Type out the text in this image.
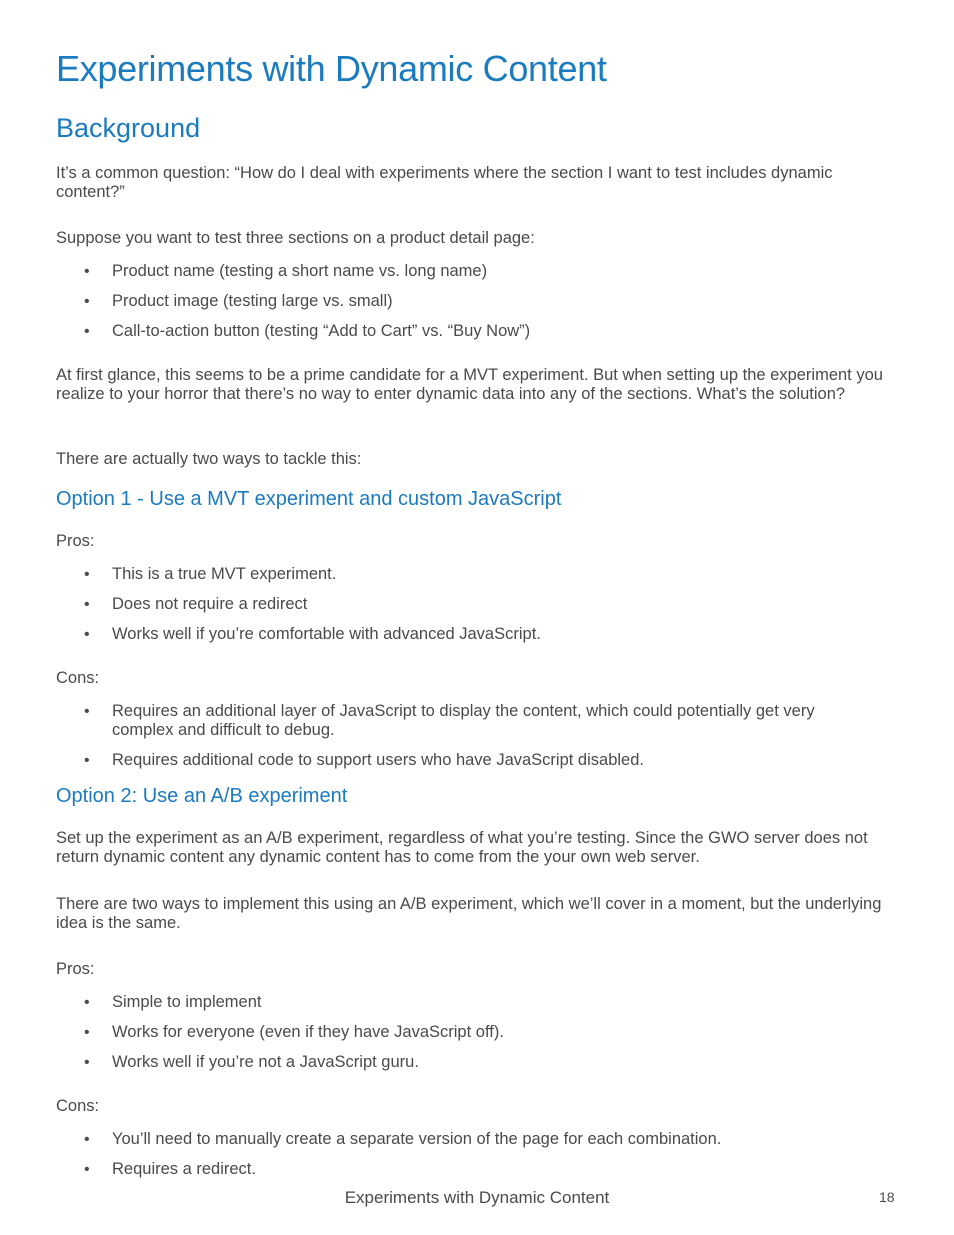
Experiments with Dynamic Content
Background

It’s a common question: “How do I deal with experiments where the section I want to test includes dynamic content?”

Suppose you want to test three sections on a product detail page:

• Product name (testing a short name vs. long name)
• Product image (testing large vs. small)
• Call-to-action button (testing “Add to Cart” vs. “Buy Now”)

At first glance, this seems to be a prime candidate for a MVT experiment. But when setting up the experiment you realize to your horror that there’s no way to enter dynamic data into any of the sections. What’s the solution?

There are actually two ways to tackle this:

Option 1 - Use a MVT experiment and custom JavaScript

Pros:

• This is a true MVT experiment.
• Does not require a redirect
• Works well if you’re comfortable with advanced JavaScript.

Cons:

• Requires an additional layer of JavaScript to display the content, which could potentially get very complex and difficult to debug.
• Requires additional code to support users who have JavaScript disabled.
Option 2: Use an A/B experiment

Set up the experiment as an A/B experiment, regardless of what you’re testing. Since the GWO server does not return dynamic content any dynamic content has to come from the your own web server.

There are two ways to implement this using an A/B experiment, which we’ll cover in a moment, but the underlying idea is the same.

Pros:

• Simple to implement
• Works for everyone (even if they have JavaScript off).
• Works well if you’re not a JavaScript guru.

Cons:

• You’ll need to manually create a separate version of the page for each combination.
• Requires a redirect.
Experiments with Dynamic Content	18
